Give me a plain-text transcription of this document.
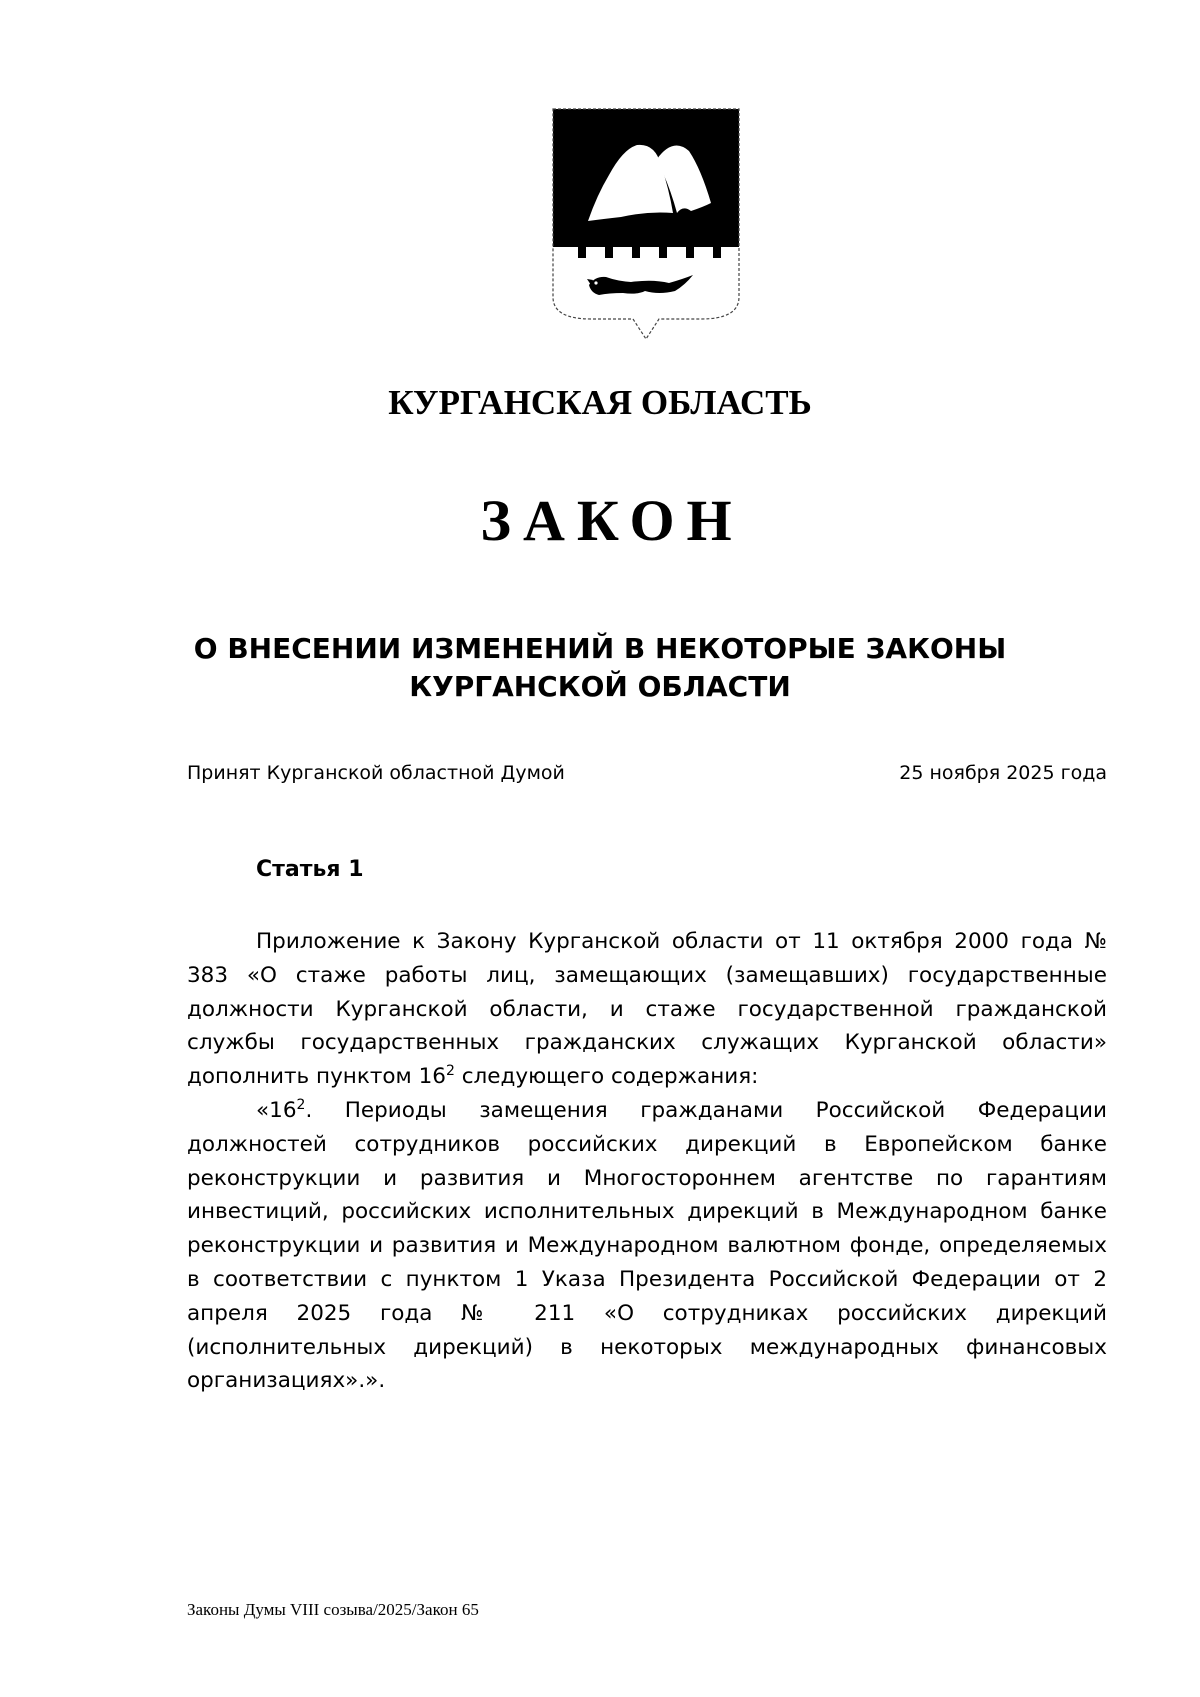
КУРГАНСКАЯ ОБЛАСТЬ
ЗАКОН
О ВНЕСЕНИИ ИЗМЕНЕНИЙ В НЕКОТОРЫЕ ЗАКОНЫ
КУРГАНСКОЙ ОБЛАСТИ
Принят Курганской областной Думой	25 ноября 2025 года
Статья 1

Приложение к Закону Курганской области от 11 октября 2000 года № 383 «О стаже работы лиц, замещающих (замещавших) государственные должности Курганской области, и стаже государственной гражданской службы государственных гражданских служащих Курганской области» дополнить пунктом $16^2$ следующего содержания:

«$16^2$. Периоды замещения гражданами Российской Федерации должностей сотрудников российских дирекций в Европейском банке реконструкции и развития и Многостороннем агентстве по гарантиям инвестиций, российских исполнительных дирекций в Международном банке реконструкции и развития и Международном валютном фонде, определяемых в соответствии с пунктом 1 Указа Президента Российской Федерации от 2 апреля 2025 года № 211 «О сотрудниках российских дирекций (исполнительных дирекций) в некоторых международных финансовых организациях».».

Законы Думы VIII созыва/2025/Закон 65
